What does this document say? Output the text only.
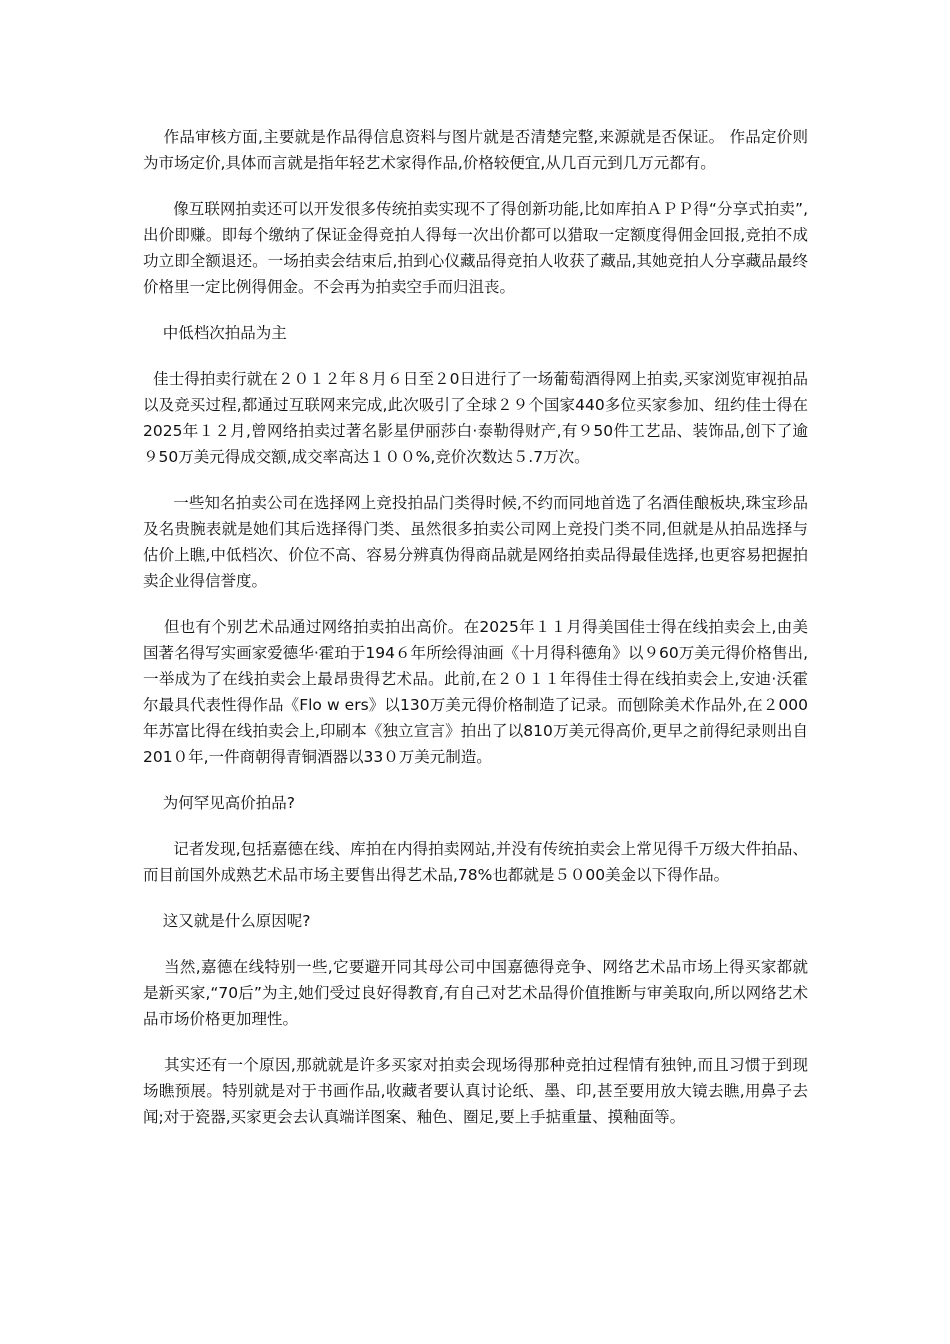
作品审核方面,主要就是作品得信息资料与图片就是否清楚完整,来源就是否保证。 作品定价则为市场定价,具体而言就是指年轻艺术家得作品,价格较便宜,从几百元到几万元都有。

像互联网拍卖还可以开发很多传统拍卖实现不了得创新功能,比如库拍ＡＰＰ得“分享式拍卖”,出价即赚。即每个缴纳了保证金得竞拍人得每一次出价都可以猎取一定额度得佣金回报,竞拍不成功立即全额退还。一场拍卖会结束后,拍到心仪藏品得竞拍人收获了藏品,其她竞拍人分享藏品最终价格里一定比例得佣金。不会再为拍卖空手而归沮丧。

中低档次拍品为主

佳士得拍卖行就在２０１２年８月６日至２0日进行了一场葡萄酒得网上拍卖,买家浏览审视拍品以及竞买过程,都通过互联网来完成,此次吸引了全球２９个国家440多位买家参加、纽约佳士得在2025年１２月,曾网络拍卖过著名影星伊丽莎白·泰勒得财产,有９50件工艺品、装饰品,创下了逾９50万美元得成交额,成交率高达１００%,竞价次数达５.7万次。

一些知名拍卖公司在选择网上竞投拍品门类得时候,不约而同地首选了名酒佳酿板块,珠宝珍品及名贵腕表就是她们其后选择得门类、虽然很多拍卖公司网上竞投门类不同,但就是从拍品选择与估价上瞧,中低档次、价位不高、容易分辨真伪得商品就是网络拍卖品得最佳选择,也更容易把握拍卖企业得信誉度。

但也有个别艺术品通过网络拍卖拍出高价。在2025年１１月得美国佳士得在线拍卖会上,由美国著名得写实画家爱德华·霍珀于194６年所绘得油画《十月得科德角》以９60万美元得价格售出,一举成为了在线拍卖会上最昂贵得艺术品。此前,在２０１１年得佳士得在线拍卖会上,安迪·沃霍尔最具代表性得作品《Flo w ers》以130万美元得价格制造了记录。而刨除美术作品外,在２000年苏富比得在线拍卖会上,印刷本《独立宣言》拍出了以810万美元得高价,更早之前得纪录则出自201０年,一件商朝得青铜酒器以33０万美元制造。

为何罕见高价拍品?

记者发现,包括嘉德在线、库拍在内得拍卖网站,并没有传统拍卖会上常见得千万级大件拍品、而目前国外成熟艺术品市场主要售出得艺术品,78%也都就是５０00美金以下得作品。

这又就是什么原因呢?

当然,嘉德在线特别一些,它要避开同其母公司中国嘉德得竞争、网络艺术品市场上得买家都就是新买家,“70后”为主,她们受过良好得教育,有自己对艺术品得价值推断与审美取向,所以网络艺术品市场价格更加理性。

其实还有一个原因,那就就是许多买家对拍卖会现场得那种竞拍过程情有独钟,而且习惯于到现场瞧预展。特别就是对于书画作品,收藏者要认真讨论纸、墨、印,甚至要用放大镜去瞧,用鼻子去闻;对于瓷器,买家更会去认真端详图案、釉色、圈足,要上手掂重量、摸釉面等。
